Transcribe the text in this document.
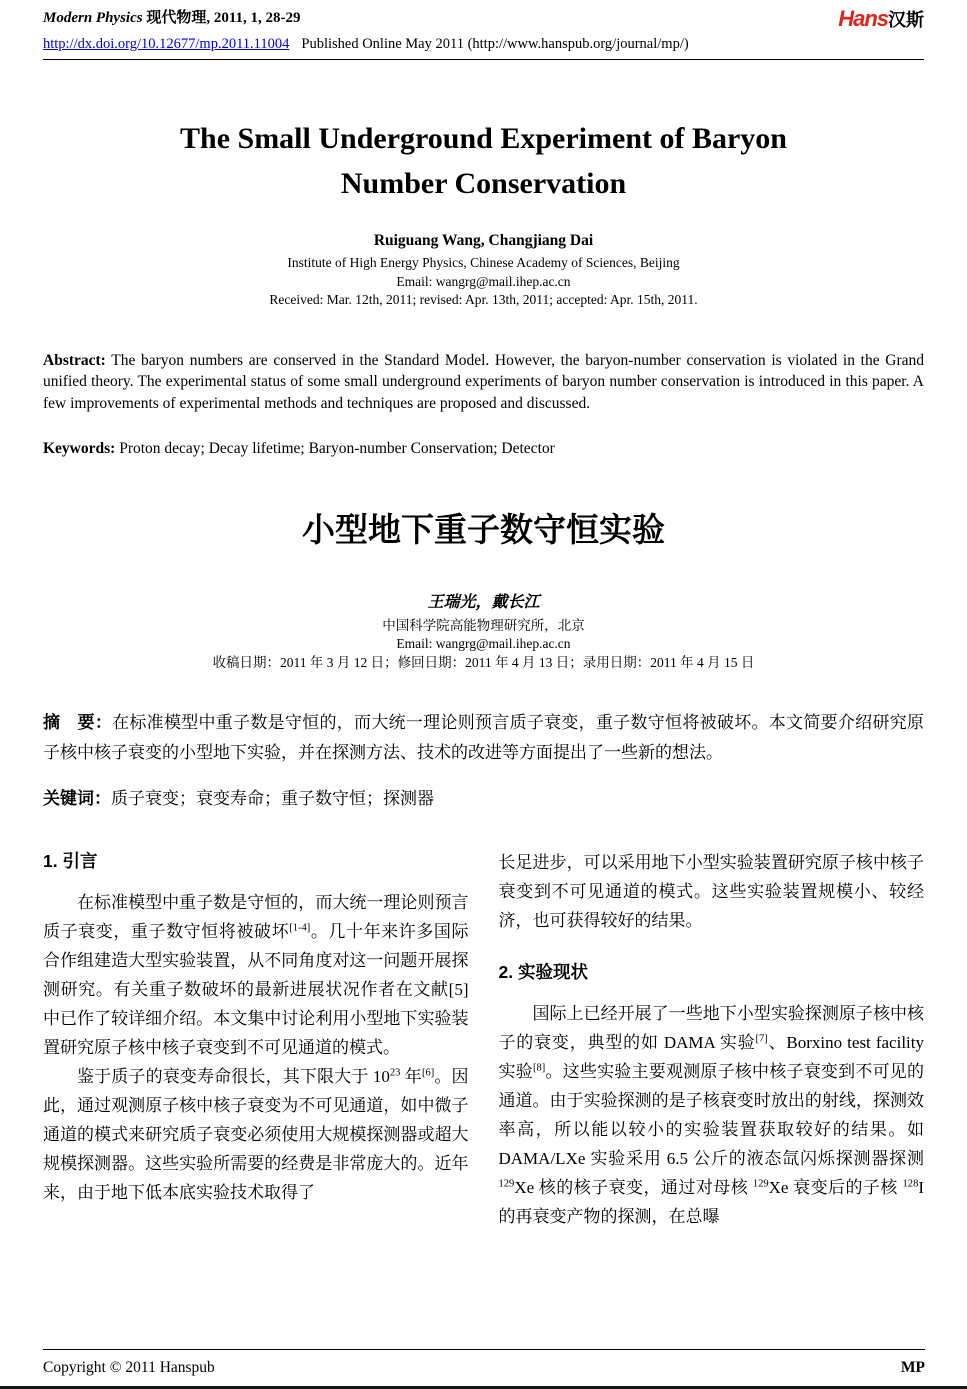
Modern Physics 现代物理, 2011, 1, 28-29	Hans汉斯
http://dx.doi.org/10.12677/mp.2011.11004 Published Online May 2011 (http://www.hanspub.org/journal/mp/)
The Small Underground Experiment of Baryon
Number Conservation
Ruiguang Wang, Changjiang Dai
Institute of High Energy Physics, Chinese Academy of Sciences, Beijing
Email: wangrg@mail.ihep.ac.cn
Received: Mar. 12th, 2011; revised: Apr. 13th, 2011; accepted: Apr. 15th, 2011.

Abstract: The baryon numbers are conserved in the Standard Model. However, the baryon-number conservation is violated in the Grand unified theory. The experimental status of some small underground experiments of baryon number conservation is introduced in this paper. A few improvements of experimental methods and techniques are proposed and discussed.

Keywords: Proton decay; Decay lifetime; Baryon-number Conservation; Detector

小型地下重子数守恒实验
王瑞光，戴长江
中国科学院高能物理研究所，北京
Email: wangrg@mail.ihep.ac.cn
收稿日期：2011 年 3 月 12 日；修回日期：2011 年 4 月 13 日；录用日期：2011 年 4 月 15 日

摘　要：在标准模型中重子数是守恒的，而大统一理论则预言质子衰变，重子数守恒将被破坏。本文简要介绍研究原子核中核子衰变的小型地下实验，并在探测方法、技术的改进等方面提出了一些新的想法。

关键词：质子衰变；衰变寿命；重子数守恒；探测器

1. 引言

在标准模型中重子数是守恒的，而大统一理论则预言质子衰变，重子数守恒将被破坏[1-4]。几十年来许多国际合作组建造大型实验装置，从不同角度对这一问题开展探测研究。有关重子数破坏的最新进展状况作者在文献[5]中已作了较详细介绍。本文集中讨论利用小型地下实验装置研究原子核中核子衰变到不可见通道的模式。

鉴于质子的衰变寿命很长，其下限大于 $10^{23}$ 年[6]。因此，通过观测原子核中核子衰变为不可见通道，如中微子通道的模式来研究质子衰变必须使用大规模探测器或超大规模探测器。这些实验所需要的经费是非常庞大的。近年来，由于地下低本底实验技术取得了

长足进步，可以采用地下小型实验装置研究原子核中核子衰变到不可见通道的模式。这些实验装置规模小、较经济，也可获得较好的结果。

2. 实验现状

国际上已经开展了一些地下小型实验探测原子核中核子的衰变，典型的如 DAMA 实验[7]、Borxino test facility 实验[8]。这些实验主要观测原子核中核子衰变到不可见的通道。由于实验探测的是子核衰变时放出的射线，探测效率高，所以能以较小的实验装置获取较好的结果。如 DAMA/LXe 实验采用 6.5 公斤的液态氙闪烁探测器探测 $^{129}$Xe 核的核子衰变，通过对母核 $^{129}$Xe 衰变后的子核 $^{128}$I 的再衰变产物的探测，在总曝

Copyright © 2011 Hanspub	MP
